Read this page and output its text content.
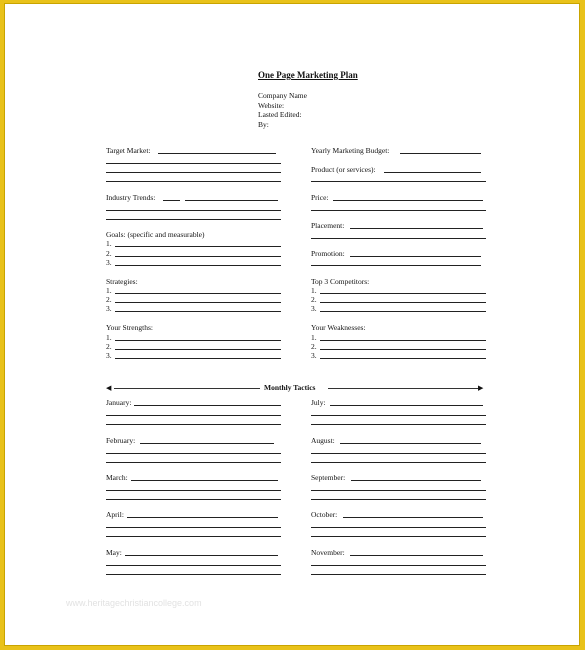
One Page Marketing Plan
Company Name
Website:
Lasted Edited:
By:
Target Market:
Industry Trends:
Goals: (specific and measurable)
1.
2.
3.
Strategies:
1.
2.
3.
Your Strengths:
1.
2.
3.
Yearly Marketing Budget:
Product (or services):
Price:
Placement:
Promotion:
Top 3 Competitors:
1.
2.
3.
Your Weaknesses:
1.
2.
3.
◀	Monthly Tactics	▶
January:
February:
March:
April:
May:
July:
August:
September:
October:
November:
www.heritagechristiancollege.com
